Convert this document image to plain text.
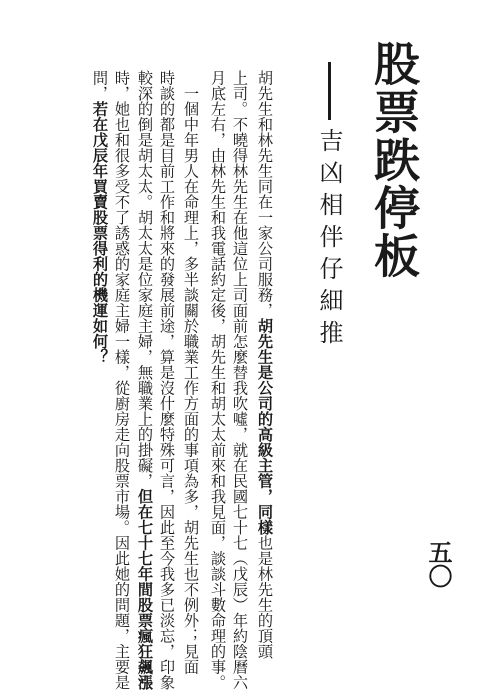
股票跌停板
吉凶相伴仔細推
胡先生和林先生同在一家公司服務，胡先生是公司的高級主管，同樣也是林先生的頂頭
上司。不曉得林先生在他這位上司面前怎麼替我吹噓，就在民國七十七（戊辰）年約陰曆六
月底左右，由林先生和我電話約定後，胡先生和胡太太前來和我見面，談談斗數命理的事。
　一個中年男人在命理上，多半談關於職業工作方面的事項為多，胡先生也不例外；見面
時談的都是目前工作和將來的發展前途，算是沒什麼特殊可言，因此至今我多已淡忘，印象
較深的倒是胡太太。胡太太是位家庭主婦，無職業上的掛礙，但在七十七年間股票瘋狂飆漲
時，她也和很多受不了誘惑的家庭主婦一樣，從廚房走向股票市場。因此她的問題，主要是
問，若在戊辰年買賣股票得利的機運如何？
五〇
